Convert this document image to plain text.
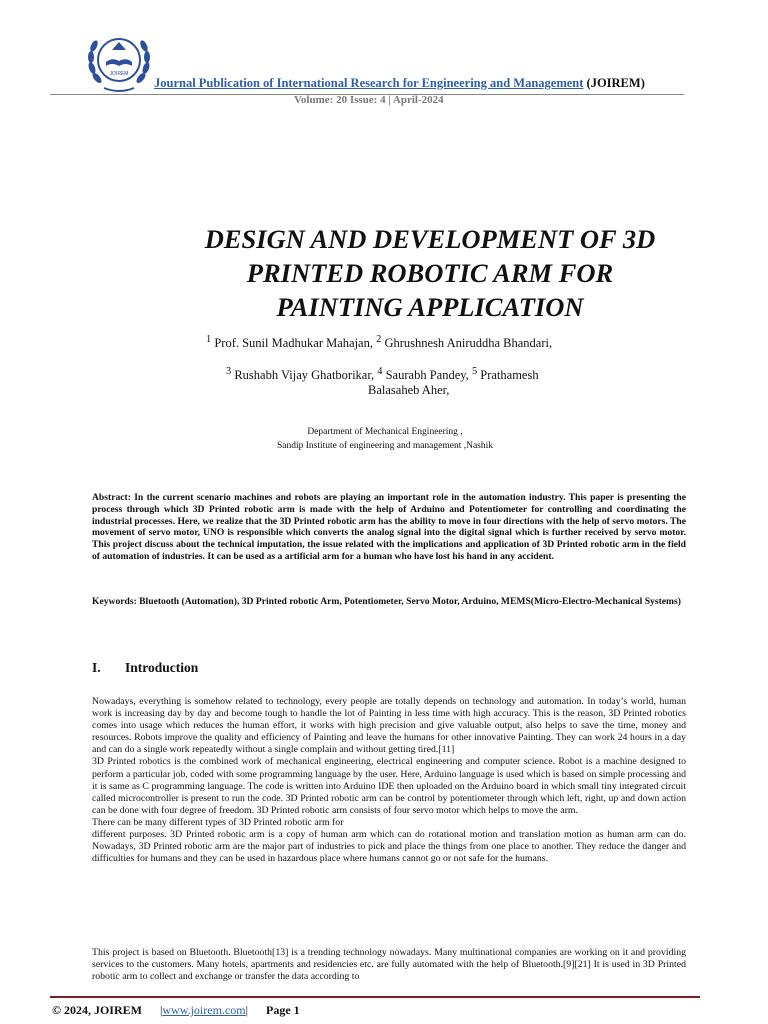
JOIREM
Journal Publication of International Research for Engineering and Management (JOIREM)
Volume: 20 Issue: 4 | April-2024
DESIGN AND DEVELOPMENT OF 3D
PRINTED ROBOTIC ARM FOR
PAINTING APPLICATION
$^1$ Prof. Sunil Madhukar Mahajan, $^2$ Ghrushnesh Aniruddha Bhandari,
$^3$ Rushabh Vijay Ghatborikar, $^4$ Saurabh Pandey, $^5$ Prathamesh
Balasaheb Aher,
Department of Mechanical Engineering ,
Sandip Institute of engineering and management ,Nashik
Abstract: In the current scenario machines and robots are playing an important role in the automation industry. This paper is presenting the process through which 3D Printed robotic arm is made with the help of Arduino and Potentiometer for controlling and coordinating the industrial processes. Here, we realize that the 3D Printed robotic arm has the ability to move in four directions with the help of servo motors. The movement of servo motor, UNO is responsible which converts the analog signal into the digital signal which is further received by servo motor. This project discuss about the technical imputation, the issue related with the implications and application of 3D Printed robotic arm in the field of automation of industries. It can be used as a artificial arm for a human who have lost his hand in any accident.
Keywords: Bluetooth (Automation), 3D Printed robotic Arm, Potentiometer, Servo Motor, Arduino, MEMS(Micro-Electro-Mechanical Systems)
I. Introduction

Nowadays, everything is somehow related to technology, every people are totally depends on technology and automation. In today’s world, human work is increasing day by day and become tough to handle the lot of Painting in less time with high accuracy. This is the reason, 3D Printed robotics comes into usage which reduces the human effort, it works with high precision and give valuable output, also helps to save the time, money and resources. Robots improve the quality and efficiency of Painting and leave the humans for other innovative Painting. They can work 24 hours in a day and can do a single work repeatedly without a single complain and without getting tired.[11]

3D Printed robotics is the combined work of mechanical engineering, electrical engineering and computer science. Robot is a machine designed to perform a particular job, coded with some programming language by the user. Here, Arduino language is used which is based on simple processing and it is same as C programming language. The code is written into Arduino IDE then uploaded on the Arduino board in which small tiny integrated circuit called microcontroller is present to run the code. 3D Printed robotic arm can be control by potentiometer through which left, right, up and down action can be done with four degree of freedom. 3D Printed robotic arm consists of four servo motor which helps to move the arm.

There can be many different types of 3D Printed robotic arm for

different purposes. 3D Printed robotic arm is a copy of human arm which can do rotational motion and translation motion as human arm can do. Nowadays, 3D Printed robotic arm are the major part of industries to pick and place the things from one place to another. They reduce the danger and difficulties for humans and they can be used in hazardous place where humans cannot go or not safe for the humans.

This project is based on Bluetooth. Bluetooth[13] is a trending technology nowadays. Many multinational companies are working on it and providing services to the customers. Many hotels, apartments and residencies etc. are fully automated with the help of Bluetooth.[9][21] It is used in 3D Printed robotic arm to collect and exchange or transfer the data according to

© 2024, JOIREM |www.joirem.com| Page 1
